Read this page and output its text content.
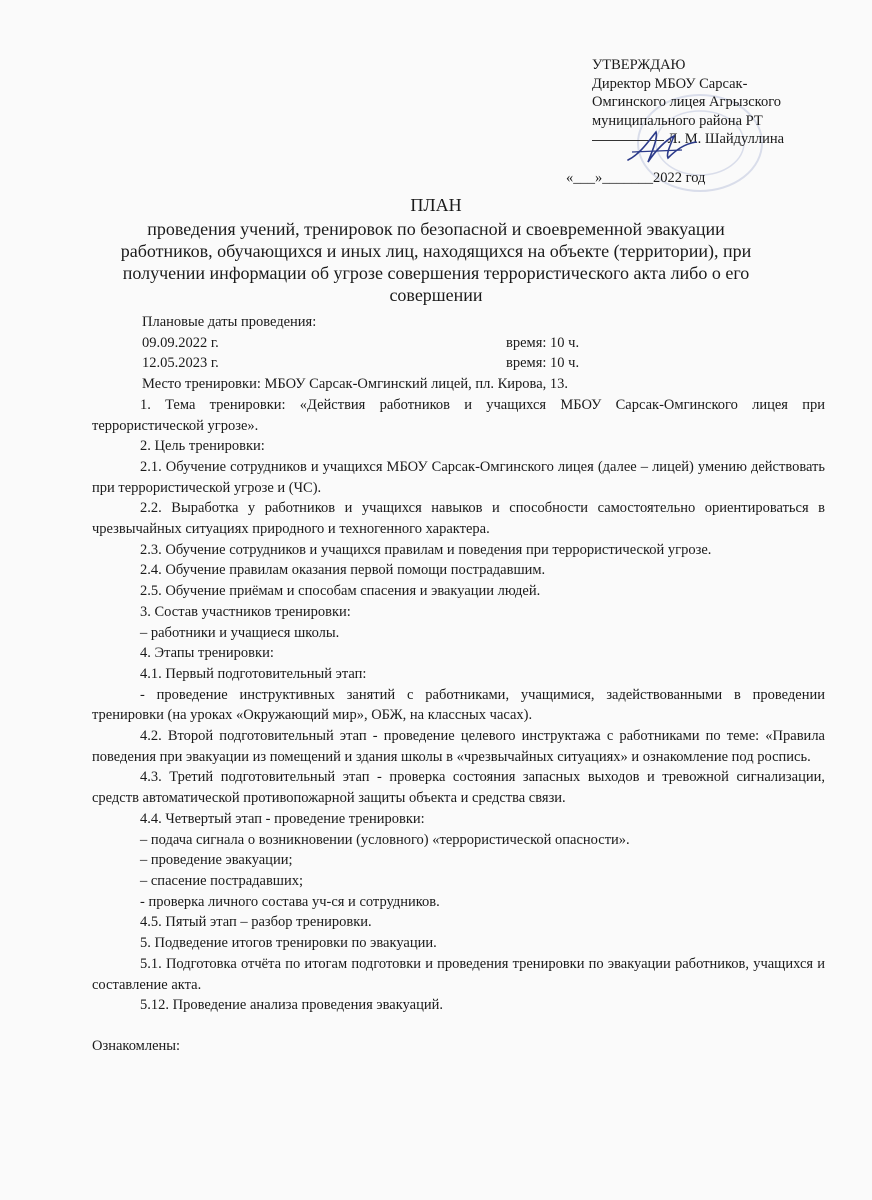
УТВЕРЖДАЮ
Директор МБОУ Сарсак-
Омгинского лицея Агрызского
муниципального района РТ
Л. М. Шайдуллина
«___»_______2022 год
ПЛАН
проведения учений, тренировок по безопасной и своевременной эвакуации работников, обучающихся и иных лиц, находящихся на объекте (территории), при получении информации об угрозе совершения террористического акта либо о его совершении
Плановые даты проведения:
09.09.2022 г.	время: 10 ч.
12.05.2023 г.	время: 10 ч.
Место тренировки: МБОУ Сарсак-Омгинский лицей, пл. Кирова, 13.
1. Тема тренировки: «Действия работников и учащихся МБОУ Сарсак-Омгинского лицея при террористической угрозе».
2. Цель тренировки:
2.1. Обучение сотрудников и учащихся МБОУ Сарсак-Омгинского лицея (далее – лицей) умению действовать при террористической угрозе и (ЧС).
2.2. Выработка у работников и учащихся навыков и способности самостоятельно ориентироваться в чрезвычайных ситуациях природного и техногенного характера.
2.3. Обучение сотрудников и учащихся правилам и поведения при террористической угрозе.
2.4. Обучение правилам оказания первой помощи пострадавшим.
2.5. Обучение приёмам и способам спасения и эвакуации людей.
3. Состав участников тренировки:
– работники и учащиеся школы.
4. Этапы тренировки:
4.1. Первый подготовительный этап:
- проведение инструктивных занятий с работниками, учащимися, задействованными в проведении тренировки (на уроках «Окружающий мир», ОБЖ, на классных часах).
4.2. Второй подготовительный этап - проведение целевого инструктажа с работниками по теме: «Правила поведения при эвакуации из помещений и здания школы в «чрезвычайных ситуациях» и ознакомление под роспись.
4.3. Третий подготовительный этап - проверка состояния запасных выходов и тревожной сигнализации, средств автоматической противопожарной защиты объекта и средства связи.
4.4. Четвертый этап - проведение тренировки:
– подача сигнала о возникновении (условного) «террористической опасности».
– проведение эвакуации;
– спасение пострадавших;
- проверка личного состава уч-ся и сотрудников.
4.5. Пятый этап – разбор тренировки.
5. Подведение итогов тренировки по эвакуации.
5.1. Подготовка отчёта по итогам подготовки и проведения тренировки по эвакуации работников, учащихся и составление акта.
5.12. Проведение анализа проведения эвакуаций.
Ознакомлены:
